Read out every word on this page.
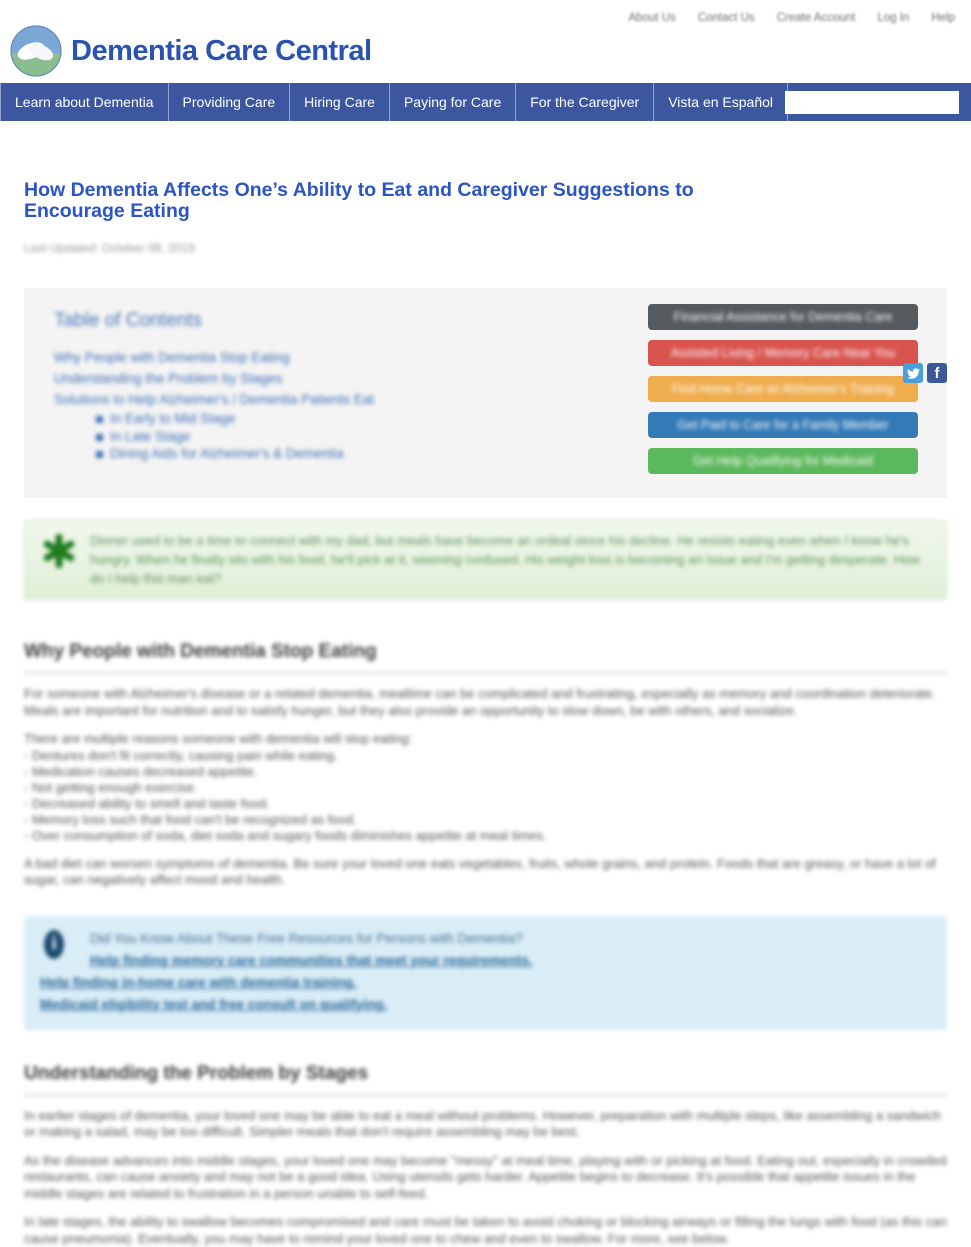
About Us Contact Us Create Account Log In Help
Dementia Care Central
Learn about Dementia	Providing Care	Hiring Care	Paying for Care	For the Caregiver	Vista en Español
f
How Dementia Affects One’s Ability to Eat and Caregiver Suggestions to Encourage Eating
Last Updated: October 08, 2019
Table of Contents
Why People with Dementia Stop Eating
Understanding the Problem by Stages
Solutions to Help Alzheimer's / Dementia Patients Eat
In Early to Mid Stage
In Late Stage
Dining Aids for Alzheimer's & Dementia
Financial Assistance for Dementia Care
Assisted Living / Memory Care Near You
Find Home Care w/ Alzheimer's Training
Get Paid to Care for a Family Member
Get Help Qualifying for Medicaid
Dinner used to be a time to connect with my dad, but meals have become an ordeal since his decline. He resists eating even when I know he's hungry. When he finally sits with his food, he'll pick at it, seeming confused. His weight loss is becoming an issue and I'm getting desperate. How do I help this man eat?
Why People with Dementia Stop Eating

For someone with Alzheimer's disease or a related dementia, mealtime can be complicated and frustrating, especially as memory and coordination deteriorate. Meals are important for nutrition and to satisfy hunger, but they also provide an opportunity to slow down, be with others, and socialize.

There are multiple reasons someone with dementia will stop eating:

- Dentures don't fit correctly, causing pain while eating.
- Medication causes decreased appetite.
- Not getting enough exercise.
- Decreased ability to smell and taste food.
- Memory loss such that food can't be recognized as food.
- Over consumption of soda, diet soda and sugary foods diminishes appetite at meal times.

A bad diet can worsen symptoms of dementia. Be sure your loved one eats vegetables, fruits, whole grains, and protein. Foods that are greasy, or have a lot of sugar, can negatively affect mood and health.

i	Did You Know About These Free Resources for Persons with Dementia?
Help finding memory care communities that meet your requirements.
Help finding in-home care with dementia training.
Medicaid eligibility test and free consult on qualifying.
Understanding the Problem by Stages

In earlier stages of dementia, your loved one may be able to eat a meal without problems. However, preparation with multiple steps, like assembling a sandwich or making a salad, may be too difficult. Simpler meals that don't require assembling may be best.

As the disease advances into middle stages, your loved one may become "messy" at meal time, playing with or picking at food. Eating out, especially in crowded restaurants, can cause anxiety and may not be a good idea. Using utensils gets harder. Appetite begins to decrease. It's possible that appetite issues in the middle stages are related to frustration in a person unable to self-feed.

In late stages, the ability to swallow becomes compromised and care must be taken to avoid choking or blocking airways or filling the lungs with food (as this can cause pneumonia). Eventually, you may have to remind your loved one to chew and even to swallow. For more, see below.
